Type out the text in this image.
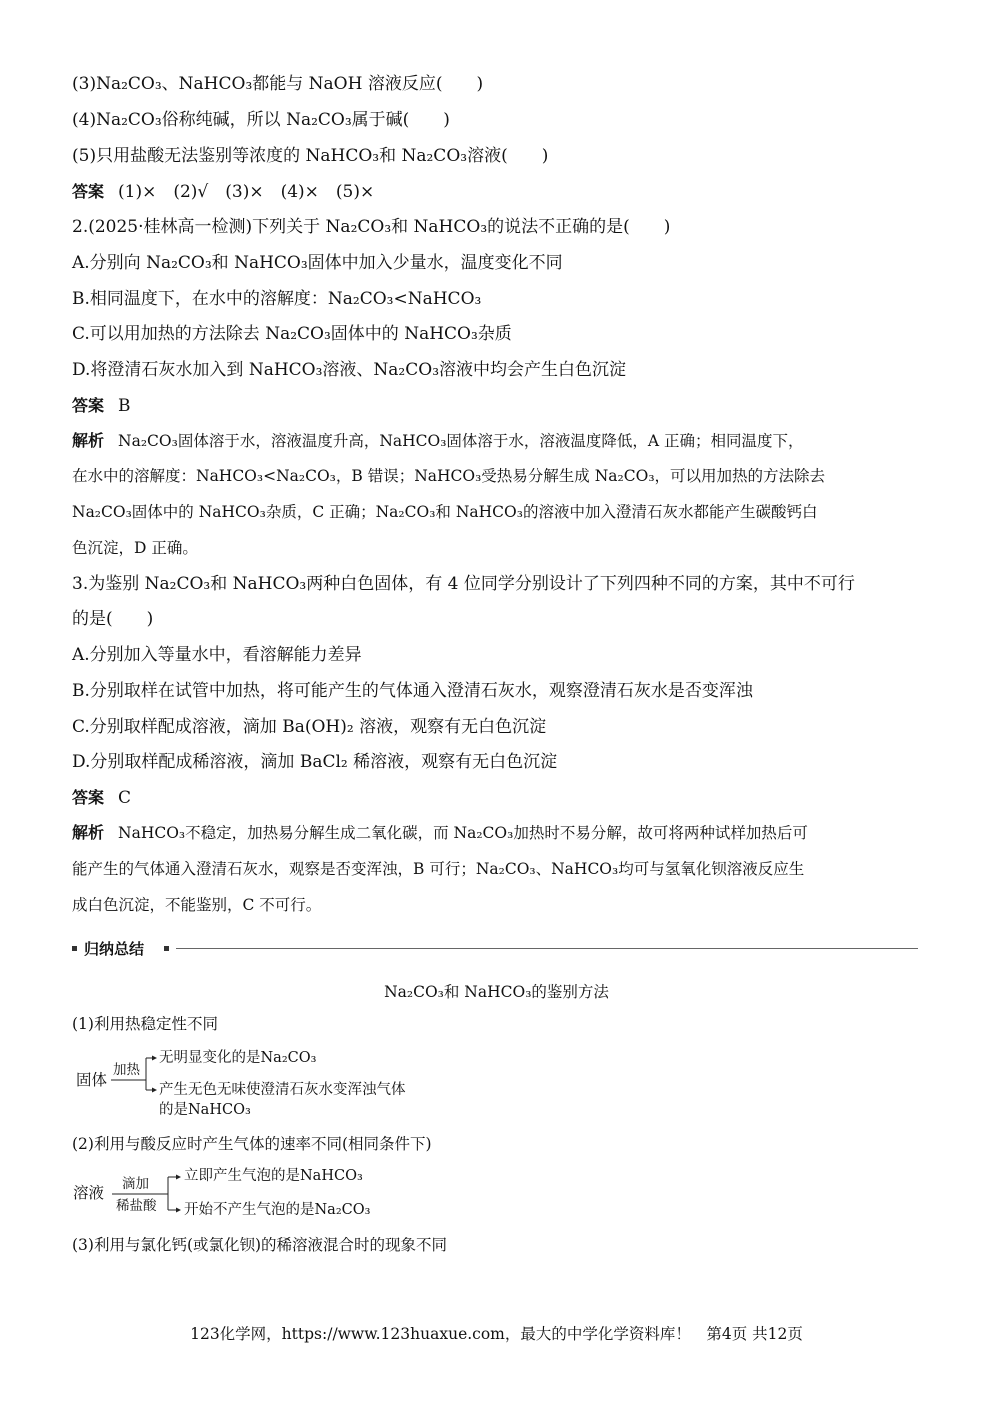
(3)Na₂CO₃、NaHCO₃都能与 NaOH 溶液反应(　　)
(4)Na₂CO₃俗称纯碱，所以 Na₂CO₃属于碱(　　)
(5)只用盐酸无法鉴别等浓度的 NaHCO₃和 Na₂CO₃溶液(　　)
答案 (1)×　(2)√　(3)×　(4)×　(5)×
2.(2025·桂林高一检测)下列关于 Na₂CO₃和 NaHCO₃的说法不正确的是(　　)
A.分别向 Na₂CO₃和 NaHCO₃固体中加入少量水，温度变化不同
B.相同温度下，在水中的溶解度：Na₂CO₃<NaHCO₃
C.可以用加热的方法除去 Na₂CO₃固体中的 NaHCO₃杂质
D.将澄清石灰水加入到 NaHCO₃溶液、Na₂CO₃溶液中均会产生白色沉淀
答案 B
解析 Na₂CO₃固体溶于水，溶液温度升高，NaHCO₃固体溶于水，溶液温度降低，A 正确；相同温度下，
在水中的溶解度：NaHCO₃<Na₂CO₃，B 错误；NaHCO₃受热易分解生成 Na₂CO₃，可以用加热的方法除去
Na₂CO₃固体中的 NaHCO₃杂质，C 正确；Na₂CO₃和 NaHCO₃的溶液中加入澄清石灰水都能产生碳酸钙白
色沉淀，D 正确。
3.为鉴别 Na₂CO₃和 NaHCO₃两种白色固体，有 4 位同学分别设计了下列四种不同的方案，其中不可行
的是(　　)
A.分别加入等量水中，看溶解能力差异
B.分别取样在试管中加热，将可能产生的气体通入澄清石灰水，观察澄清石灰水是否变浑浊
C.分别取样配成溶液，滴加 Ba(OH)₂ 溶液，观察有无白色沉淀
D.分别取样配成稀溶液，滴加 BaCl₂ 稀溶液，观察有无白色沉淀
答案 C
解析 NaHCO₃不稳定，加热易分解生成二氧化碳，而 Na₂CO₃加热时不易分解，故可将两种试样加热后可
能产生的气体通入澄清石灰水，观察是否变浑浊，B 可行；Na₂CO₃、NaHCO₃均可与氢氧化钡溶液反应生
成白色沉淀，不能鉴别，C 不可行。
归纳总结
Na₂CO₃和 NaHCO₃的鉴别方法
(1)利用热稳定性不同
固体
加热
无明显变化的是Na₂CO₃
产生无色无味使澄清石灰水变浑浊气体
的是NaHCO₃
(2)利用与酸反应时产生气体的速率不同(相同条件下)
溶液 滴加
稀盐酸
立即产生气泡的是NaHCO₃
开始不产生气泡的是Na₂CO₃
(3)利用与氯化钙(或氯化钡)的稀溶液混合时的现象不同
123化学网，https://www.123huaxue.com，最大的中学化学资料库！　第4页 共12页
